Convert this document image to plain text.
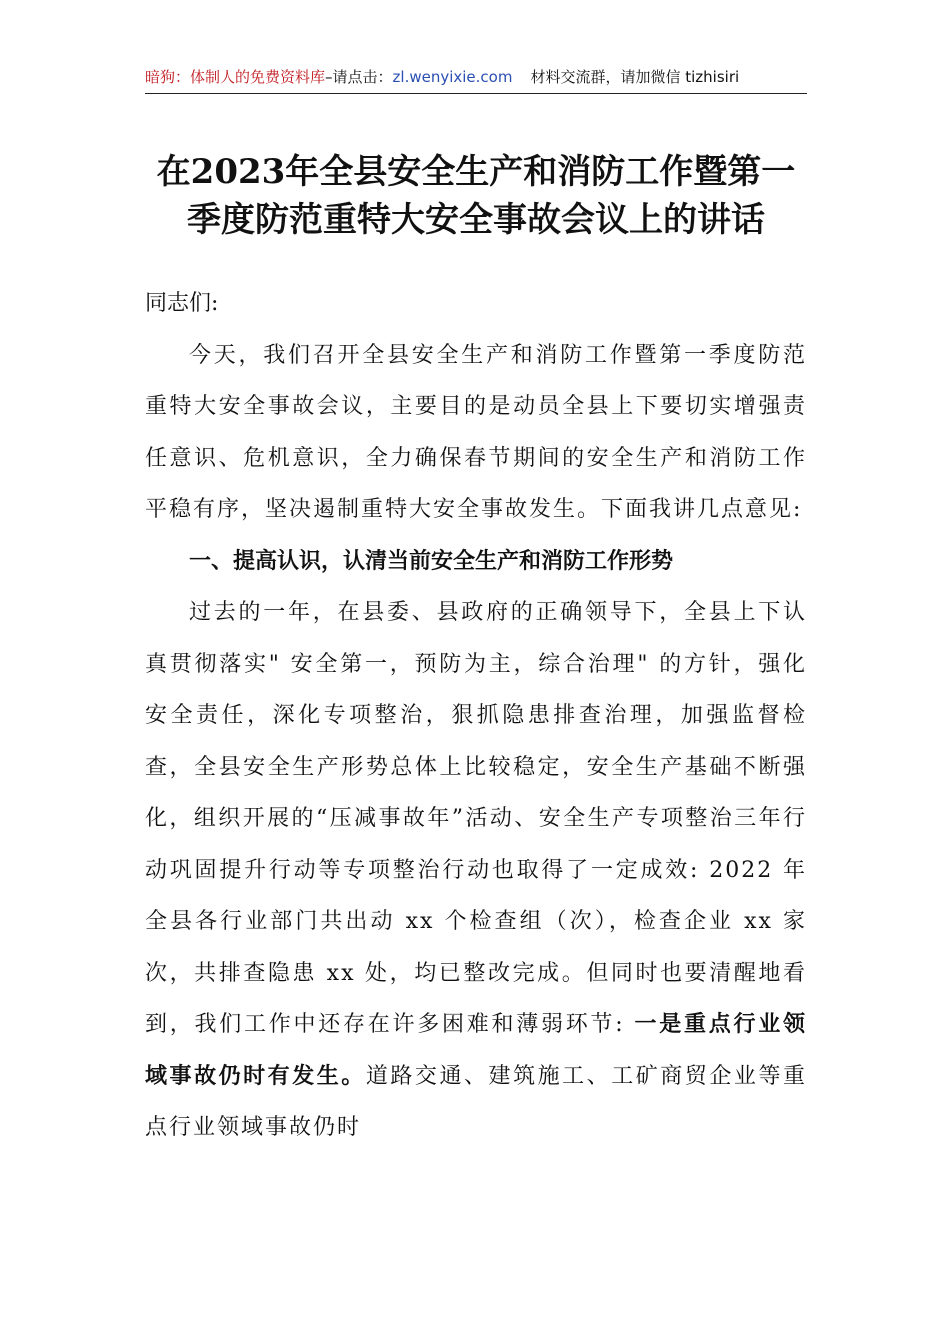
暗狗：体制人的免费资料库–请点击：zl.wenyixie.com 材料交流群，请加微信 tizhisiri
在2023年全县安全生产和消防工作暨第一
季度防范重特大安全事故会议上的讲话

同志们:

今天，我们召开全县安全生产和消防工作暨第一季度防范重特大安全事故会议，主要目的是动员全县上下要切实增强责任意识、危机意识，全力确保春节期间的安全生产和消防工作平稳有序，坚决遏制重特大安全事故发生。下面我讲几点意见:

一、提高认识，认清当前安全生产和消防工作形势

过去的一年，在县委、县政府的正确领导下，全县上下认真贯彻落实" 安全第一，预防为主，综合治理" 的方针，强化安全责任，深化专项整治，狠抓隐患排查治理，加强监督检查，全县安全生产形势总体上比较稳定，安全生产基础不断强化，组织开展的“压减事故年”活动、安全生产专项整治三年行动巩固提升行动等专项整治行动也取得了一定成效: 2022 年全县各行业部门共出动 xx 个检查组（次），检查企业 xx 家次，共排查隐患 xx 处，均已整改完成。但同时也要清醒地看到，我们工作中还存在许多困难和薄弱环节: 一是重点行业领域事故仍时有发生。道路交通、建筑施工、工矿商贸企业等重点行业领域事故仍时
